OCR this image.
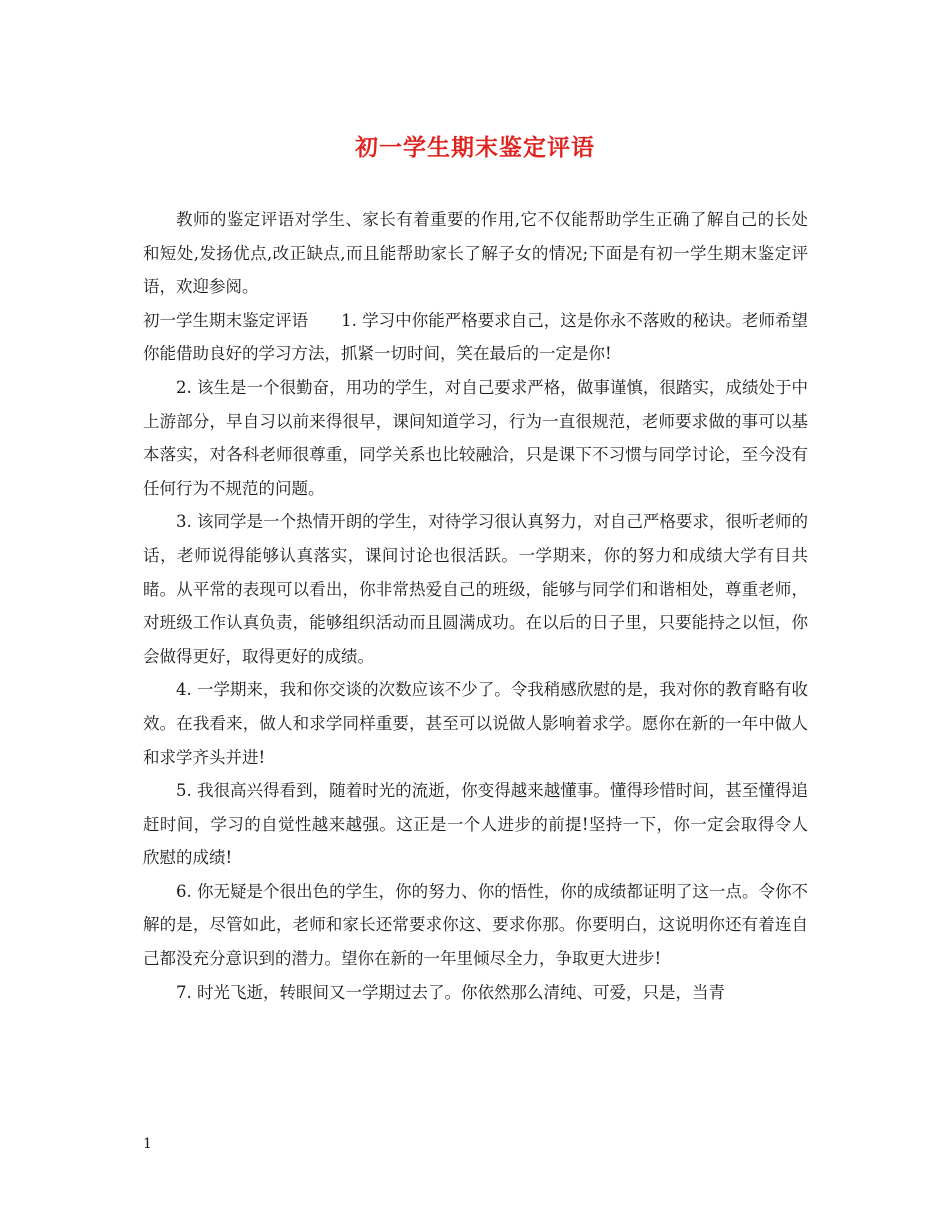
初一学生期末鉴定评语

教师的鉴定评语对学生、家长有着重要的作用,它不仅能帮助学生正确了解自己的长处和短处,发扬优点,改正缺点,而且能帮助家长了解子女的情况;下面是有初一学生期末鉴定评语，欢迎参阅。

初一学生期末鉴定评语　　1. 学习中你能严格要求自己，这是你永不落败的秘诀。老师希望你能借助良好的学习方法，抓紧一切时间，笑在最后的一定是你!

2. 该生是一个很勤奋，用功的学生，对自己要求严格，做事谨慎，很踏实，成绩处于中上游部分，早自习以前来得很早，课间知道学习，行为一直很规范，老师要求做的事可以基本落实，对各科老师很尊重，同学关系也比较融洽，只是课下不习惯与同学讨论，至今没有任何行为不规范的问题。

3. 该同学是一个热情开朗的学生，对待学习很认真努力，对自己严格要求，很听老师的话，老师说得能够认真落实，课间讨论也很活跃。一学期来，你的努力和成绩大学有目共睹。从平常的表现可以看出，你非常热爱自己的班级，能够与同学们和谐相处，尊重老师，对班级工作认真负责，能够组织活动而且圆满成功。在以后的日子里，只要能持之以恒，你会做得更好，取得更好的成绩。

4. 一学期来，我和你交谈的次数应该不少了。令我稍感欣慰的是，我对你的教育略有收效。在我看来，做人和求学同样重要，甚至可以说做人影响着求学。愿你在新的一年中做人和求学齐头并进!

5. 我很高兴得看到，随着时光的流逝，你变得越来越懂事。懂得珍惜时间，甚至懂得追赶时间，学习的自觉性越来越强。这正是一个人进步的前提!坚持一下，你一定会取得令人欣慰的成绩!

6. 你无疑是个很出色的学生，你的努力、你的悟性，你的成绩都证明了这一点。令你不解的是，尽管如此，老师和家长还常要求你这、要求你那。你要明白，这说明你还有着连自己都没充分意识到的潜力。望你在新的一年里倾尽全力，争取更大进步!

7. 时光飞逝，转眼间又一学期过去了。你依然那么清纯、可爱，只是，当青

1
